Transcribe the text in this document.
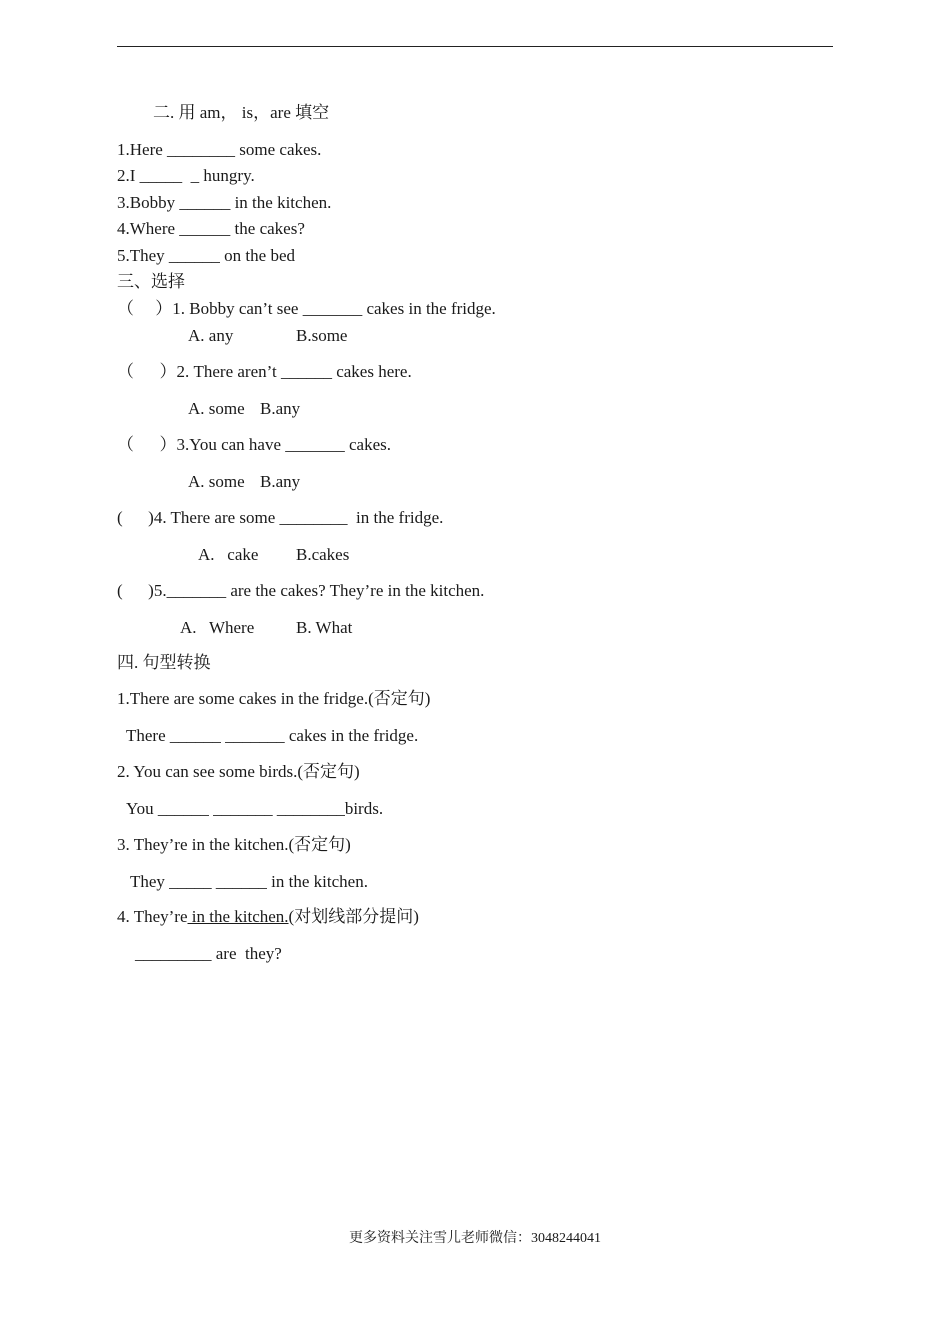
二. 用 am， is，are 填空
1.Here ________ some cakes.
2.I _____  _ hungry.
3.Bobby ______ in the kitchen.
4.Where ______ the cakes?
5.They ______ on the bed
三、选择
（     ）1. Bobby can’t see _______ cakes in the fridge.
A. any	B.some
（      ）2. There aren’t ______ cakes here.
A. some B.any
（      ）3.You can have _______ cakes.
A. some B.any
(      )4. There are some ________  in the fridge.
A.   cake B.cakes
(      )5._______ are the cakes? They’re in the kitchen.
A.   Where B. What
四. 句型转换
1.There are some cakes in the fridge.(否定句)
There ______ _______ cakes in the fridge.
2. You can see some birds.(否定句)
You ______ _______ ________birds.
3. They’re in the kitchen.(否定句)
They _____ ______ in the kitchen.
4. They’re in the kitchen.(对划线部分提问)
_________ are  they?
更多资料关注雪儿老师微信：3048244041
